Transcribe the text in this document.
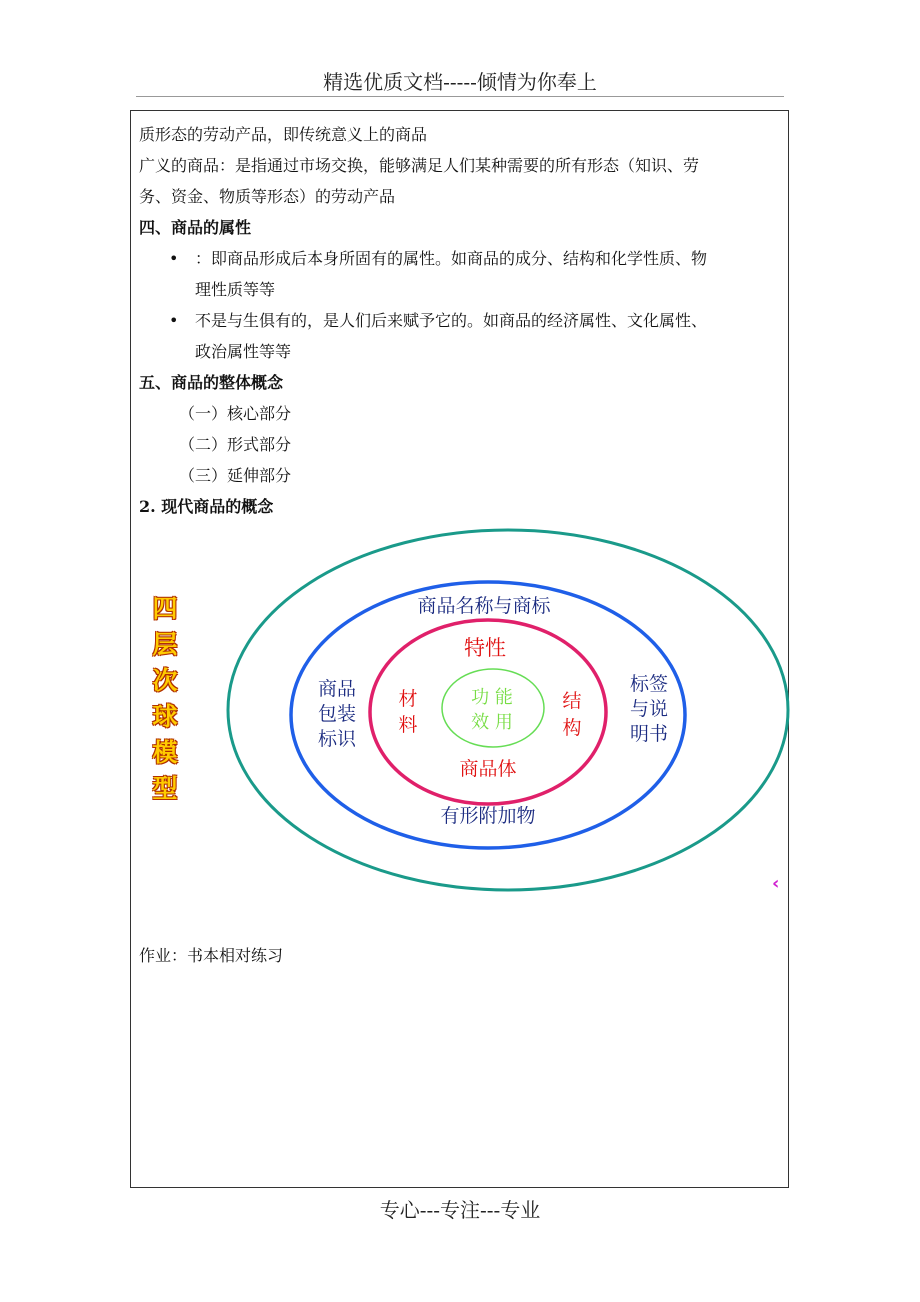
精选优质文档-----倾情为你奉上
质形态的劳动产品，即传统意义上的商品
广义的商品：是指通过市场交换，能够满足人们某种需要的所有形态（知识、劳
务、资金、物质等形态）的劳动产品
四、商品的属性
• ：即商品形成后本身所固有的属性。如商品的成分、结构和化学性质、物
理性质等等
• 不是与生俱有的，是人们后来赋予它的。如商品的经济属性、文化属性、
政治属性等等
五、商品的整体概念
（一）核心部分
（二）形式部分
（三）延伸部分
2. 现代商品的概念
四
层
次
球
模
型
商品名称与商标
有形附加物
商品
包装
标识
标签
与说
明书
特性
商品体
材
料
结
构
功 能
效 用
‹
作业：书本相对练习
专心---专注---专业
